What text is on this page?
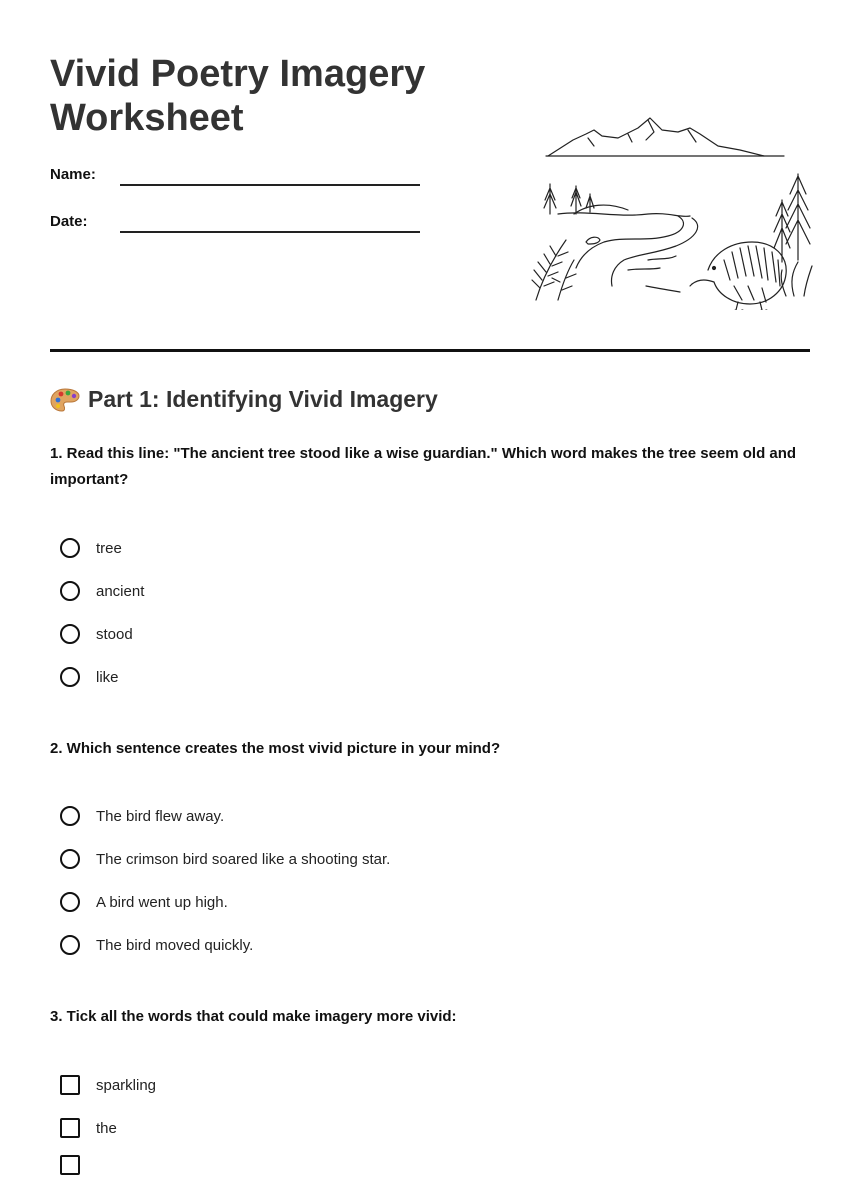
Vivid Poetry Imagery Worksheet
Name:
Date:
Part 1: Identifying Vivid Imagery
1. Read this line: "The ancient tree stood like a wise guardian." Which word makes the tree seem old and important?
tree
ancient
stood
like
2. Which sentence creates the most vivid picture in your mind?
The bird flew away.
The crimson bird soared like a shooting star.
A bird went up high.
The bird moved quickly.
3. Tick all the words that could make imagery more vivid:
sparkling
the
